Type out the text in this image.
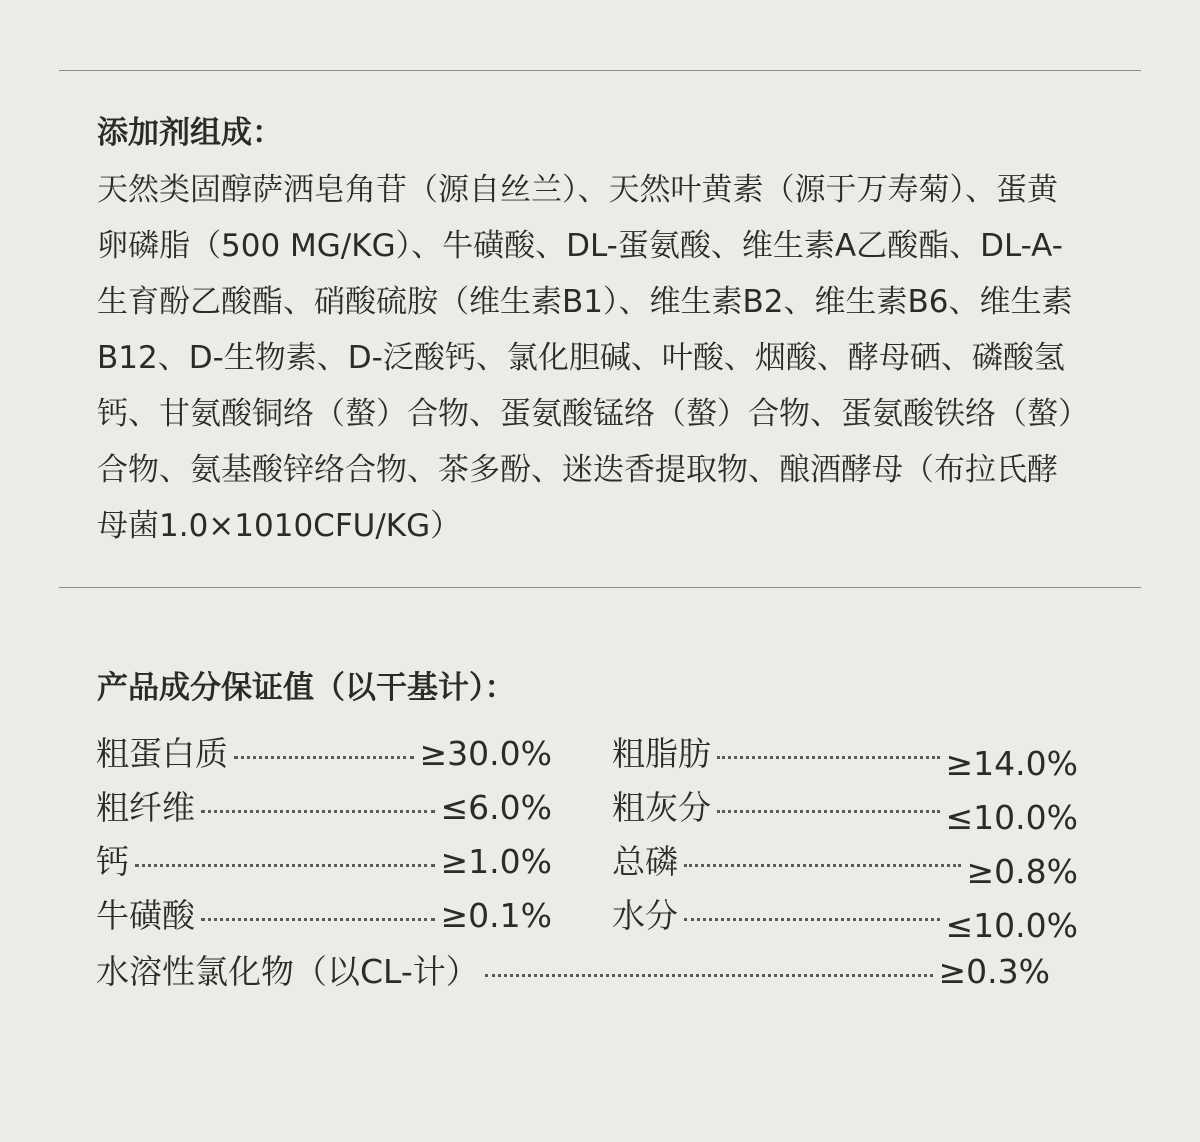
添加剂组成：
天然类固醇萨洒皂角苷（源自丝兰）、天然叶黄素（源于万寿菊）、蛋黄卵磷脂（500 MG/KG）、牛磺酸、DL-蛋氨酸、维生素A乙酸酯、DL-A-生育酚乙酸酯、硝酸硫胺（维生素B1）、维生素B2、维生素B6、维生素B12、D-生物素、D-泛酸钙、氯化胆碱、叶酸、烟酸、酵母硒、磷酸氢钙、甘氨酸铜络（螯）合物、蛋氨酸锰络（螯）合物、蛋氨酸铁络（螯）合物、氨基酸锌络合物、茶多酚、迷迭香提取物、酿酒酵母（布拉氏酵母菌1.0×1010CFU/KG）
产品成分保证值（以干基计）：
粗蛋白质	≥30.0%
粗纤维	≤6.0%
钙	≥1.0%
牛磺酸	≥0.1%
粗脂肪	≥14.0%
粗灰分	≤10.0%
总磷	≥0.8%
水分	≤10.0%
水溶性氯化物（以CL-计）	≥0.3%
